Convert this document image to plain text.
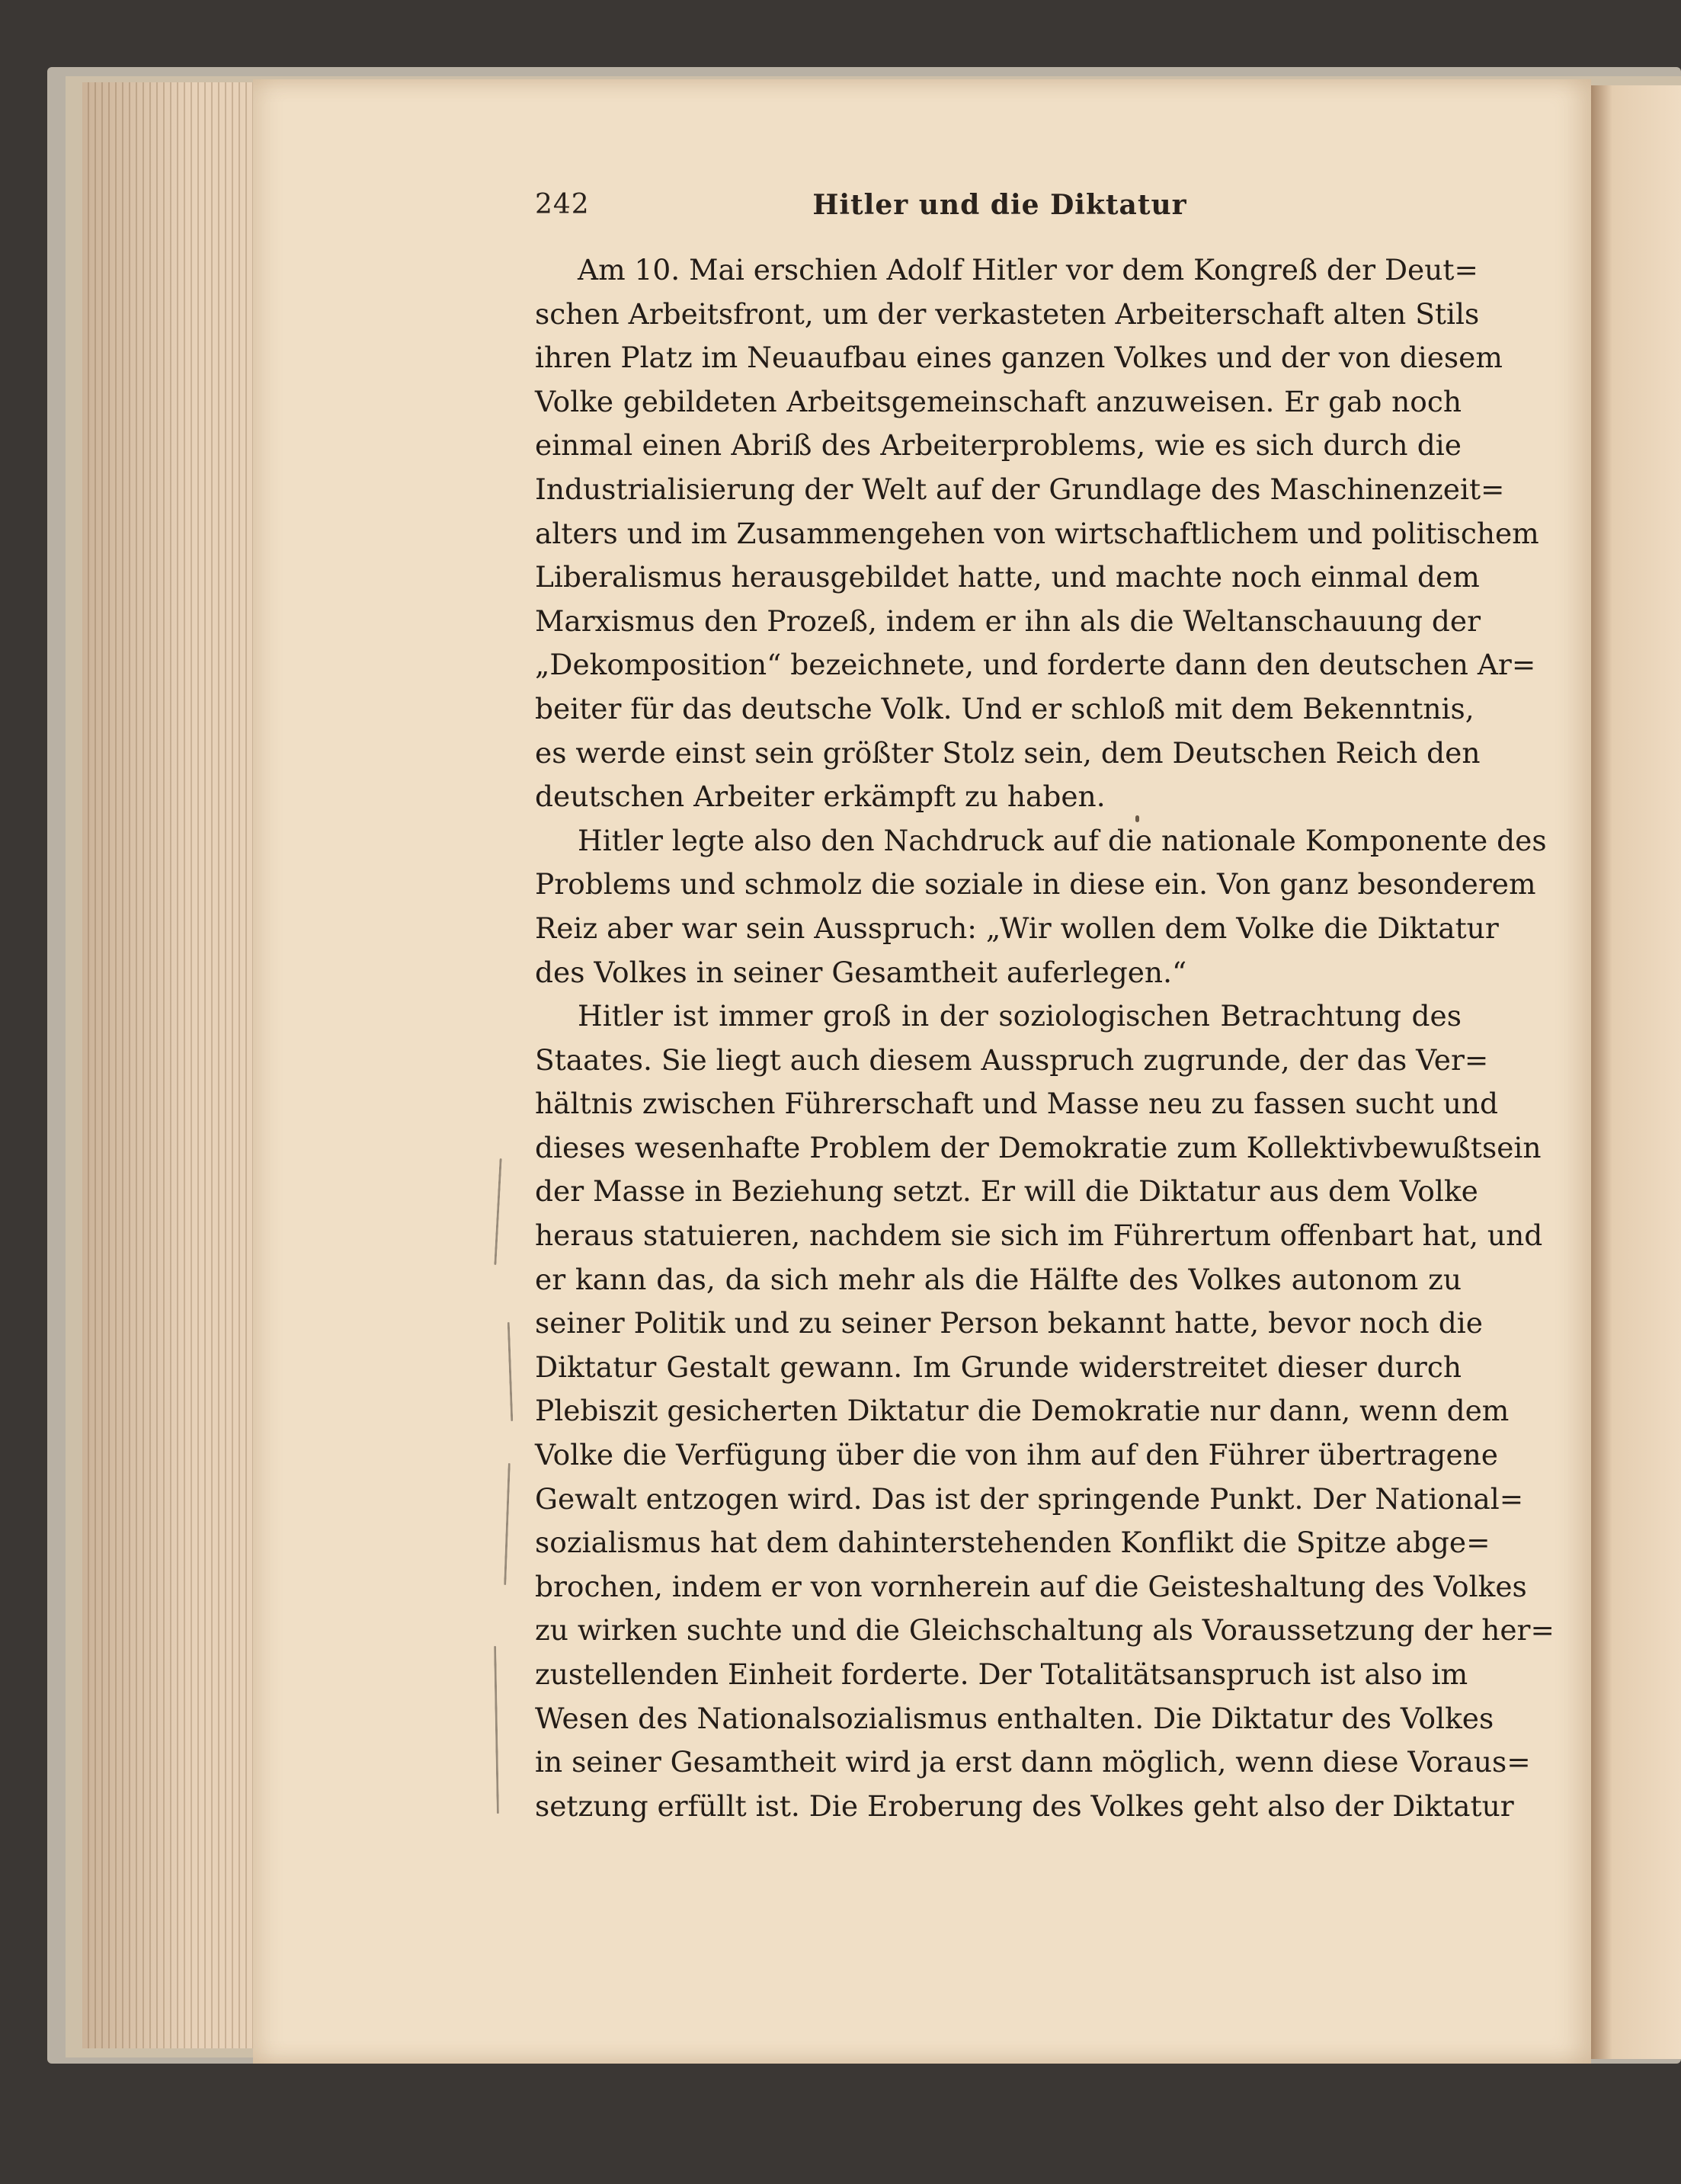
242	Hitler und die Diktatur
Am 10. Mai erschien Adolf Hitler vor dem Kongreß der Deut=
schen Arbeitsfront, um der verkasteten Arbeiterschaft alten Stils
ihren Platz im Neuaufbau eines ganzen Volkes und der von diesem
Volke gebildeten Arbeitsgemeinschaft anzuweisen. Er gab noch
einmal einen Abriß des Arbeiterproblems, wie es sich durch die
Industrialisierung der Welt auf der Grundlage des Maschinenzeit=
alters und im Zusammengehen von wirtschaftlichem und politischem
Liberalismus herausgebildet hatte, und machte noch einmal dem
Marxismus den Prozeß, indem er ihn als die Weltanschauung der
„Dekomposition“ bezeichnete, und forderte dann den deutschen Ar=
beiter für das deutsche Volk. Und er schloß mit dem Bekenntnis,
es werde einst sein größter Stolz sein, dem Deutschen Reich den
deutschen Arbeiter erkämpft zu haben.
Hitler legte also den Nachdruck auf die nationale Komponente des
Problems und schmolz die soziale in diese ein. Von ganz besonderem
Reiz aber war sein Ausspruch: „Wir wollen dem Volke die Diktatur
des Volkes in seiner Gesamtheit auferlegen.“
Hitler ist immer groß in der soziologischen Betrachtung des
Staates. Sie liegt auch diesem Ausspruch zugrunde, der das Ver=
hältnis zwischen Führerschaft und Masse neu zu fassen sucht und
dieses wesenhafte Problem der Demokratie zum Kollektivbewußtsein
der Masse in Beziehung setzt. Er will die Diktatur aus dem Volke
heraus statuieren, nachdem sie sich im Führertum offenbart hat, und
er kann das, da sich mehr als die Hälfte des Volkes autonom zu
seiner Politik und zu seiner Person bekannt hatte, bevor noch die
Diktatur Gestalt gewann. Im Grunde widerstreitet dieser durch
Plebiszit gesicherten Diktatur die Demokratie nur dann, wenn dem
Volke die Verfügung über die von ihm auf den Führer übertragene
Gewalt entzogen wird. Das ist der springende Punkt. Der National=
sozialismus hat dem dahinterstehenden Konflikt die Spitze abge=
brochen, indem er von vornherein auf die Geisteshaltung des Volkes
zu wirken suchte und die Gleichschaltung als Voraussetzung der her=
zustellenden Einheit forderte. Der Totalitätsanspruch ist also im
Wesen des Nationalsozialismus enthalten. Die Diktatur des Volkes
in seiner Gesamtheit wird ja erst dann möglich, wenn diese Voraus=
setzung erfüllt ist. Die Eroberung des Volkes geht also der Diktatur
